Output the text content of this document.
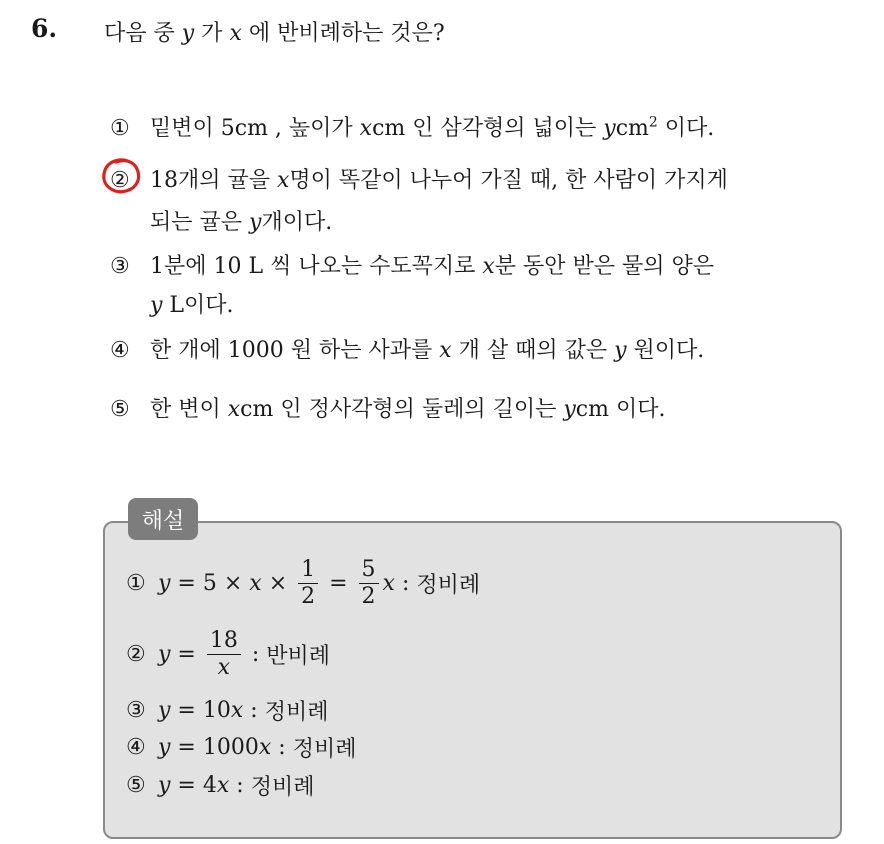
6. 다음 중 y 가 x 에 반비례하는 것은?
① 밑변이 5cm , 높이가 xcm 인 삼각형의 넓이는 ycm$^2$ 이다.
② 18개의 귤을 x명이 똑같이 나누어 가질 때, 한 사람이 가지게
되는 귤은 y개이다.
③ 1분에 10 L 씩 나오는 수도꼭지로 x분 동안 받은 물의 양은
y L이다.
④ 한 개에 1000 원 하는 사과를 x 개 살 때의 값은 y 원이다.
⑤ 한 변이 xcm 인 정사각형의 둘레의 길이는 ycm 이다.
해설
① $y = 5 \times x \times \frac{1}{2} = \frac{5}{2}$ x : 정비례
② $y = \frac{18}{x}$ : 반비례
③ y = 10 x : 정비례
④ y = 1000 x : 정비례
⑤ y = 4 x : 정비례
